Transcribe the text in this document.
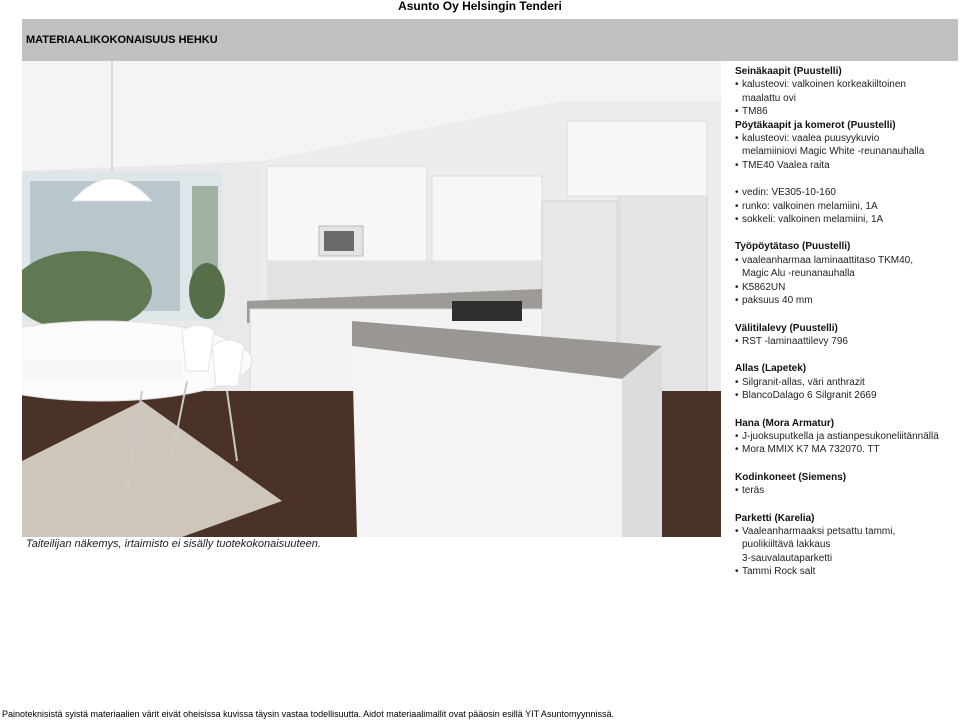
Asunto Oy Helsingin Tenderi
MATERIAALIKOKONAISUUS HEHKU
Taiteilijan näkemys, irtaimisto ei sisälly tuotekokonaisuuteen.
Seinäkaapit (Puustelli)
• kalusteovi: valkoinen korkeakiiltoinen
maalattu ovi
• TM86
Pöytäkaapit ja komerot (Puustelli)
• kalusteovi: vaalea puusyykuvio
melamiiniovi Magic White -reunanauhalla
• TME40 Vaalea raita
• vedin: VE305-10-160
• runko: valkoinen melamiini, 1A
• sokkeli: valkoinen melamiini, 1A
Työpöytätaso (Puustelli)
• vaaleanharmaa laminaattitaso TKM40,
Magic Alu -reunanauhalla
• K5862UN
• paksuus 40 mm
Välitilalevy (Puustelli)
• RST -laminaattilevy 796
Allas (Lapetek)
• Silgranit-allas, väri anthrazit
• BlancoDalago 6 Silgranit 2669
Hana (Mora Armatur)
• J-juoksuputkella ja astianpesukoneliitännällä
• Mora MMIX K7 MA 732070. TT
Kodinkoneet (Siemens)
• teräs
Parketti (Karelia)
• Vaaleanharmaaksi petsattu tammi,
puolikiiltävä lakkaus
3-sauvalautaparketti
• Tammi Rock salt
Painoteknisistä syistä materiaalien värit eivät oheisissa kuvissa täysin vastaa todellisuutta. Aidot materiaalimallit ovat pääosin esillä YIT Asuntomyynnissä.
